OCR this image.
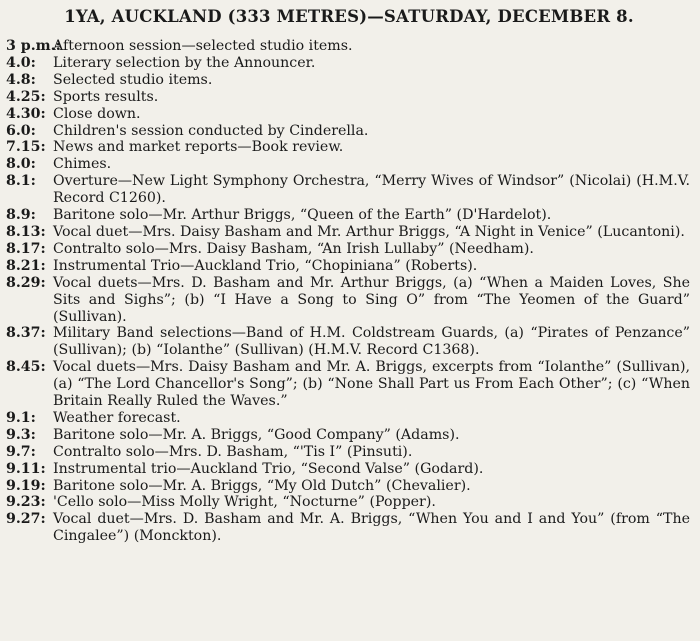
1YA, AUCKLAND (333 METRES)—SATURDAY, DECEMBER 8.
3 p.m.:
Afternoon session—selected studio items.
4.0:	Literary selection by the Announcer.
4.8:	Selected studio items.
4.25: Sports results.
4.30: Close down.
6.0:	Children's session conducted by Cinderella.
7.15: News and market reports—Book review.
8.0:	Chimes.
8.1:	Overture—New Light Symphony Orchestra, “Merry Wives of Windsor” (Nicolai) (H.M.V. Record C1260).
8.9:	Baritone solo—Mr. Arthur Briggs, “Queen of the Earth” (D'Hardelot).
8.13: Vocal duet—Mrs. Daisy Basham and Mr. Arthur Briggs, “A Night in Venice” (Lucantoni).
8.17: Contralto solo—Mrs. Daisy Basham, “An Irish Lullaby” (Needham).
8.21: Instrumental Trio—Auckland Trio, “Chopiniana” (Roberts).
8.29: Vocal duets—Mrs. D. Basham and Mr. Arthur Briggs, (a) “When a Maiden Loves, She Sits and Sighs”; (b) “I Have a Song to Sing O” from “The Yeomen of the Guard” (Sullivan).
8.37: Military Band selections—Band of H.M. Coldstream Guards, (a) “Pirates of Penzance” (Sullivan); (b) “Iolanthe” (Sullivan) (H.M.V. Record C1368).
8.45: Vocal duets—Mrs. Daisy Basham and Mr. A. Briggs, excerpts from “Iolanthe” (Sullivan), (a) “The Lord Chancellor's Song”; (b) “None Shall Part us From Each Other”; (c) “When Britain Really Ruled the Waves.”
9.1:	Weather forecast.
9.3:	Baritone solo—Mr. A. Briggs, “Good Company” (Adams).
9.7:	Contralto solo—Mrs. D. Basham, “'Tis I” (Pinsuti).
9.11: Instrumental trio—Auckland Trio, “Second Valse” (Godard).
9.19: Baritone solo—Mr. A. Briggs, “My Old Dutch” (Chevalier).
9.23: 'Cello solo—Miss Molly Wright, “Nocturne” (Popper).
9.27: Vocal duet—Mrs. D. Basham and Mr. A. Briggs, “When You and I and You” (from “The Cingalee”) (Monckton).
